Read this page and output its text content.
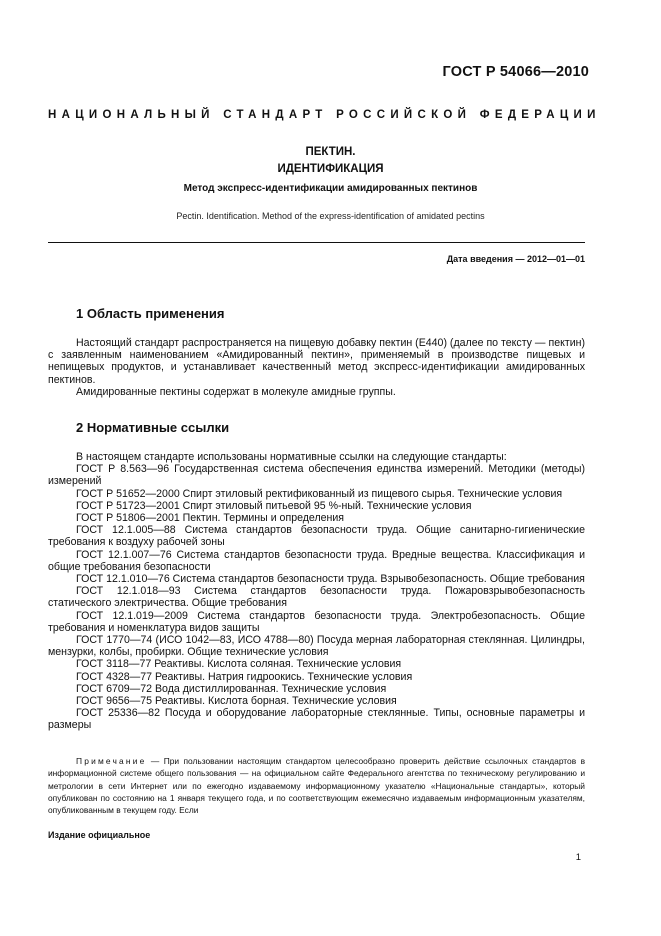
ГОСТ Р 54066—2010
НАЦИОНАЛЬНЫЙ СТАНДАРТ РОССИЙСКОЙ ФЕДЕРАЦИИ
ПЕКТИН.
ИДЕНТИФИКАЦИЯ
Метод экспресс-идентификации амидированных пектинов
Pectin. Identification. Method of the express-identification of amidated pectins
Дата введения — 2012—01—01
1 Область применения

Настоящий стандарт распространяется на пищевую добавку пектин (Е440) (далее по тексту — пектин) с заявленным наименованием «Амидированный пектин», применяемый в производстве пищевых и непищевых продуктов, и устанавливает качественный метод экспресс-идентификации амидированных пектинов.

Амидированные пектины содержат в молекуле амидные группы.

2 Нормативные ссылки

В настоящем стандарте использованы нормативные ссылки на следующие стандарты:

ГОСТ Р 8.563—96 Государственная система обеспечения единства измерений. Методики (методы) измерений

ГОСТ Р 51652—2000 Спирт этиловый ректификованный из пищевого сырья. Технические условия

ГОСТ Р 51723—2001 Спирт этиловый питьевой 95 %-ный. Технические условия

ГОСТ Р 51806—2001 Пектин. Термины и определения

ГОСТ 12.1.005—88 Система стандартов безопасности труда. Общие санитарно-гигиенические требования к воздуху рабочей зоны

ГОСТ 12.1.007—76 Система стандартов безопасности труда. Вредные вещества. Классификация и общие требования безопасности

ГОСТ 12.1.010—76 Система стандартов безопасности труда. Взрывобезопасность. Общие требования

ГОСТ 12.1.018—93 Система стандартов безопасности труда. Пожаровзрывобезопасность статического электричества. Общие требования

ГОСТ 12.1.019—2009 Система стандартов безопасности труда. Электробезопасность. Общие требования и номенклатура видов защиты

ГОСТ 1770—74 (ИСО 1042—83, ИСО 4788—80) Посуда мерная лабораторная стеклянная. Цилиндры, мензурки, колбы, пробирки. Общие технические условия

ГОСТ 3118—77 Реактивы. Кислота соляная. Технические условия

ГОСТ 4328—77 Реактивы. Натрия гидроокись. Технические условия

ГОСТ 6709—72 Вода дистиллированная. Технические условия

ГОСТ 9656—75 Реактивы. Кислота борная. Технические условия

ГОСТ 25336—82 Посуда и оборудование лабораторные стеклянные. Типы, основные параметры и размеры

Примечание — При пользовании настоящим стандартом целесообразно проверить действие ссылочных стандартов в информационной системе общего пользования — на официальном сайте Федерального агентства по техническому регулированию и метрологии в сети Интернет или по ежегодно издаваемому информационному указателю «Национальные стандарты», который опубликован по состоянию на 1 января текущего года, и по соответствующим ежемесячно издаваемым информационным указателям, опубликованным в текущем году. Если
Издание официальное
1
